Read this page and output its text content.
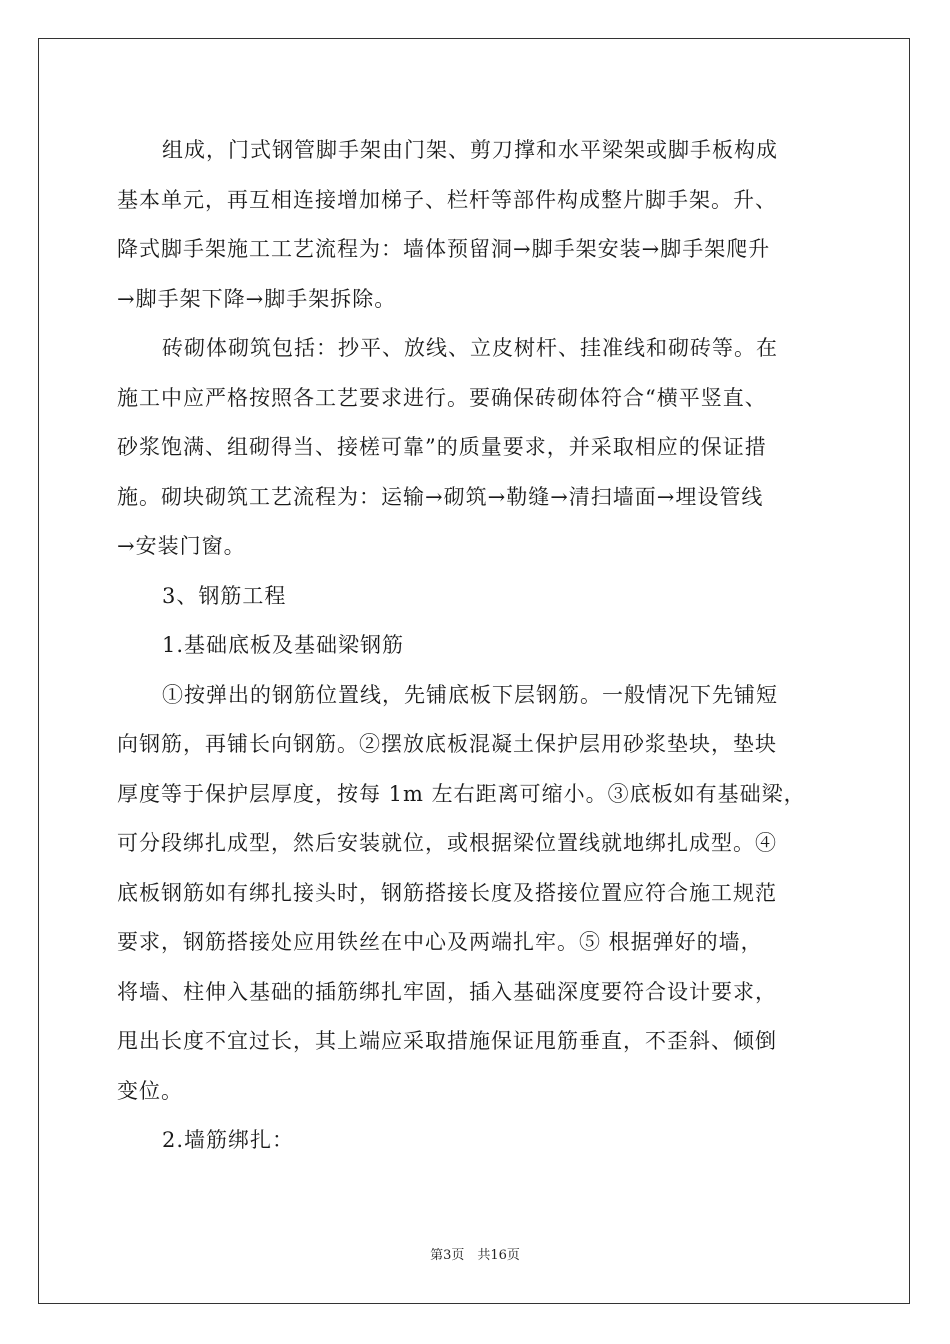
组成，门式钢管脚手架由门架、剪刀撑和水平梁架或脚手板构成
基本单元，再互相连接增加梯子、栏杆等部件构成整片脚手架。升、
降式脚手架施工工艺流程为：墙体预留洞→脚手架安装→脚手架爬升
→脚手架下降→脚手架拆除。
砖砌体砌筑包括：抄平、放线、立皮树杆、挂准线和砌砖等。在
施工中应严格按照各工艺要求进行。要确保砖砌体符合“横平竖直、
砂浆饱满、组砌得当、接槎可靠”的质量要求，并采取相应的保证措
施。砌块砌筑工艺流程为：运输→砌筑→勒缝→清扫墙面→埋设管线
→安装门窗。
3、钢筋工程
1.基础底板及基础梁钢筋
①按弹出的钢筋位置线，先铺底板下层钢筋。一般情况下先铺短
向钢筋，再铺长向钢筋。②摆放底板混凝土保护层用砂浆垫块，垫块
厚度等于保护层厚度，按每 1m 左右距离可缩小。③底板如有基础梁，
可分段绑扎成型，然后安装就位，或根据梁位置线就地绑扎成型。④
底板钢筋如有绑扎接头时，钢筋搭接长度及搭接位置应符合施工规范
要求，钢筋搭接处应用铁丝在中心及两端扎牢。⑤ 根据弹好的墙，
将墙、柱伸入基础的插筋绑扎牢固，插入基础深度要符合设计要求，
甩出长度不宜过长，其上端应采取措施保证甩筋垂直，不歪斜、倾倒
变位。
2.墙筋绑扎：
第3页　共16页
